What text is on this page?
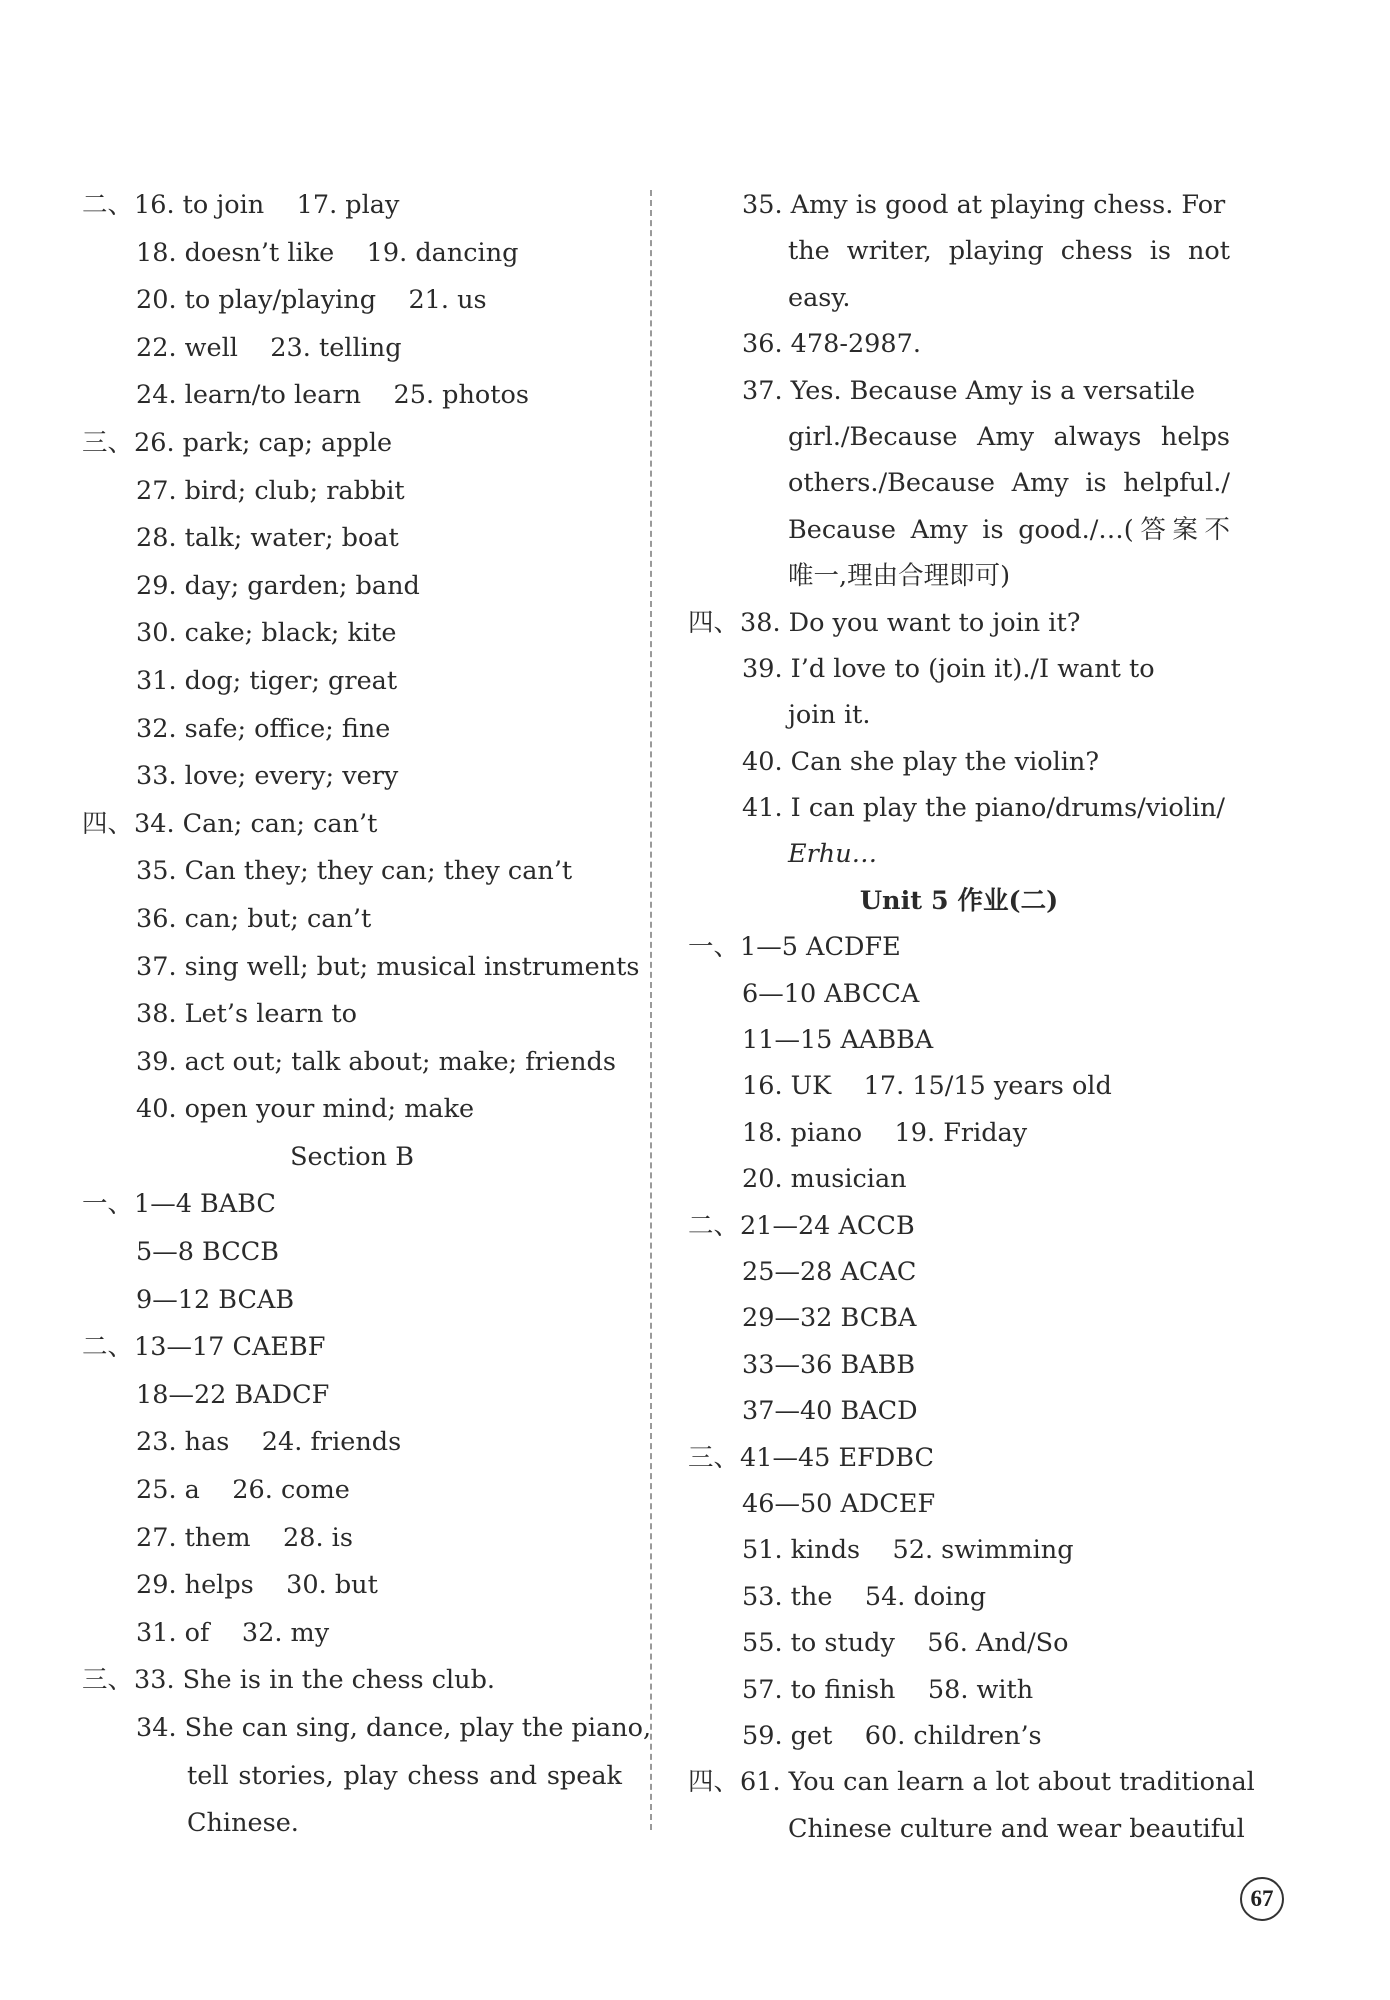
二、16. to join    17. play
18. doesn’t like    19. dancing
20. to play/playing    21. us
22. well    23. telling
24. learn/to learn    25. photos
三、26. park; cap; apple
27. bird; club; rabbit
28. talk; water; boat
29. day; garden; band
30. cake; black; kite
31. dog; tiger; great
32. safe; office; fine
33. love; every; very
四、34. Can; can; can’t
35. Can they; they can; they can’t
36. can; but; can’t
37. sing well; but; musical instruments
38. Let’s learn to
39. act out; talk about; make; friends
40. open your mind; make
Section B
一、1—4 BABC
5—8 BCCB
9—12 BCAB
二、13—17 CAEBF
18—22 BADCF
23. has    24. friends
25. a    26. come
27. them    28. is
29. helps    30. but
31. of    32. my
三、33. She is in the chess club.
34. She can sing, dance, play the piano,
tell stories, play chess and speak
Chinese.
35. Amy is good at playing chess. For
the writer, playing chess is not
easy.
36. 478-2987.
37. Yes. Because Amy is a versatile
girl./Because Amy always helps
others./Because Amy is helpful./
Because Amy is good./…(答案不
唯一,理由合理即可)
四、38. Do you want to join it?
39. I’d love to (join it)./I want to
join it.
40. Can she play the violin?
41. I can play the piano/drums/violin/
Erhu…
Unit 5 作业(二)
一、1—5 ACDFE
6—10 ABCCA
11—15 AABBA
16. UK    17. 15/15 years old
18. piano    19. Friday
20. musician
二、21—24 ACCB
25—28 ACAC
29—32 BCBA
33—36 BABB
37—40 BACD
三、41—45 EFDBC
46—50 ADCEF
51. kinds    52. swimming
53. the    54. doing
55. to study    56. And/So
57. to finish    58. with
59. get    60. children’s
四、61. You can learn a lot about traditional
Chinese culture and wear beautiful
67
